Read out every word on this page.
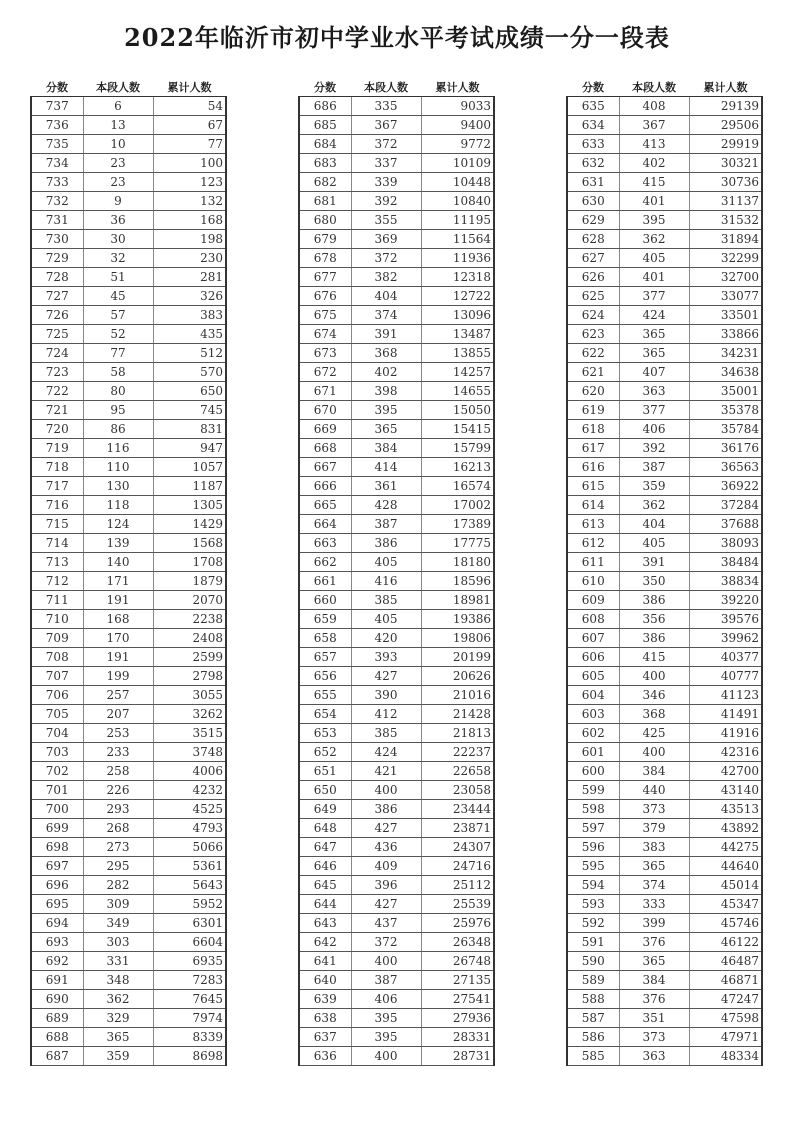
2022年临沂市初中学业水平考试成绩一分一段表
分数	本段人数	累计人数
737	6	54
736	13	67
735	10	77
734	23	100
733	23	123
732	9	132
731	36	168
730	30	198
729	32	230
728	51	281
727	45	326
726	57	383
725	52	435
724	77	512
723	58	570
722	80	650
721	95	745
720	86	831
719	116	947
718	110	1057
717	130	1187
716	118	1305
715	124	1429
714	139	1568
713	140	1708
712	171	1879
711	191	2070
710	168	2238
709	170	2408
708	191	2599
707	199	2798
706	257	3055
705	207	3262
704	253	3515
703	233	3748
702	258	4006
701	226	4232
700	293	4525
699	268	4793
698	273	5066
697	295	5361
696	282	5643
695	309	5952
694	349	6301
693	303	6604
692	331	6935
691	348	7283
690	362	7645
689	329	7974
688	365	8339
687	359	8698
分数	本段人数	累计人数
686	335	9033
685	367	9400
684	372	9772
683	337	10109
682	339	10448
681	392	10840
680	355	11195
679	369	11564
678	372	11936
677	382	12318
676	404	12722
675	374	13096
674	391	13487
673	368	13855
672	402	14257
671	398	14655
670	395	15050
669	365	15415
668	384	15799
667	414	16213
666	361	16574
665	428	17002
664	387	17389
663	386	17775
662	405	18180
661	416	18596
660	385	18981
659	405	19386
658	420	19806
657	393	20199
656	427	20626
655	390	21016
654	412	21428
653	385	21813
652	424	22237
651	421	22658
650	400	23058
649	386	23444
648	427	23871
647	436	24307
646	409	24716
645	396	25112
644	427	25539
643	437	25976
642	372	26348
641	400	26748
640	387	27135
639	406	27541
638	395	27936
637	395	28331
636	400	28731
分数	本段人数	累计人数
635	408	29139
634	367	29506
633	413	29919
632	402	30321
631	415	30736
630	401	31137
629	395	31532
628	362	31894
627	405	32299
626	401	32700
625	377	33077
624	424	33501
623	365	33866
622	365	34231
621	407	34638
620	363	35001
619	377	35378
618	406	35784
617	392	36176
616	387	36563
615	359	36922
614	362	37284
613	404	37688
612	405	38093
611	391	38484
610	350	38834
609	386	39220
608	356	39576
607	386	39962
606	415	40377
605	400	40777
604	346	41123
603	368	41491
602	425	41916
601	400	42316
600	384	42700
599	440	43140
598	373	43513
597	379	43892
596	383	44275
595	365	44640
594	374	45014
593	333	45347
592	399	45746
591	376	46122
590	365	46487
589	384	46871
588	376	47247
587	351	47598
586	373	47971
585	363	48334
